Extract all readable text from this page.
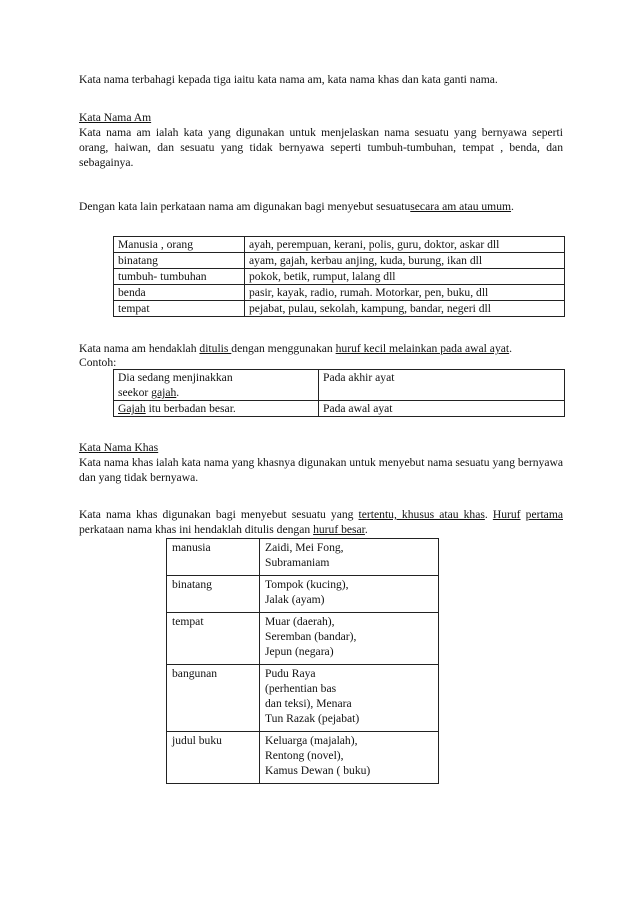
Kata nama terbahagi kepada tiga iaitu kata nama am, kata nama khas dan kata ganti nama.

Kata Nama Am

Kata nama am ialah kata yang digunakan untuk menjelaskan nama sesuatu yang bernyawa seperti orang, haiwan, dan sesuatu yang tidak bernyawa seperti tumbuh-tumbuhan, tempat , benda, dan sebagainya.

Dengan kata lain perkataan nama am digunakan bagi menyebut sesuatusecara am atau umum.

Manusia , orang	ayah, perempuan, kerani, polis, guru, doktor, askar dll
binatang	ayam, gajah, kerbau anjing, kuda, burung, ikan dll
tumbuh- tumbuhan	pokok, betik, rumput, lalang dll
benda	pasir, kayak, radio, rumah. Motorkar, pen, buku, dll
tempat	pejabat, pulau, sekolah, kampung, bandar, negeri dll

Kata nama am hendaklah ditulis dengan menggunakan huruf kecil melainkan pada awal ayat.

Contoh:

Dia sedang menjinakkan
seekor gajah.	Pada akhir ayat
Gajah itu berbadan besar.	Pada awal ayat

Kata Nama Khas

Kata nama khas ialah kata nama yang khasnya digunakan untuk menyebut nama sesuatu yang bernyawa dan yang tidak bernyawa.

Kata nama khas digunakan bagi menyebut sesuatu yang tertentu, khusus atau khas. Huruf pertama perkataan nama khas ini hendaklah ditulis dengan huruf besar.

manusia	Zaidi, Mei Fong,
Subramaniam

binatang	Tompok (kucing),
Jalak (ayam)

tempat	Muar (daerah),
Seremban (bandar),
Jepun (negara)

bangunan	Pudu Raya
(perhentian bas
dan teksi), Menara
Tun Razak (pejabat)

judul buku	Keluarga (majalah),
Rentong (novel),
Kamus Dewan ( buku)
